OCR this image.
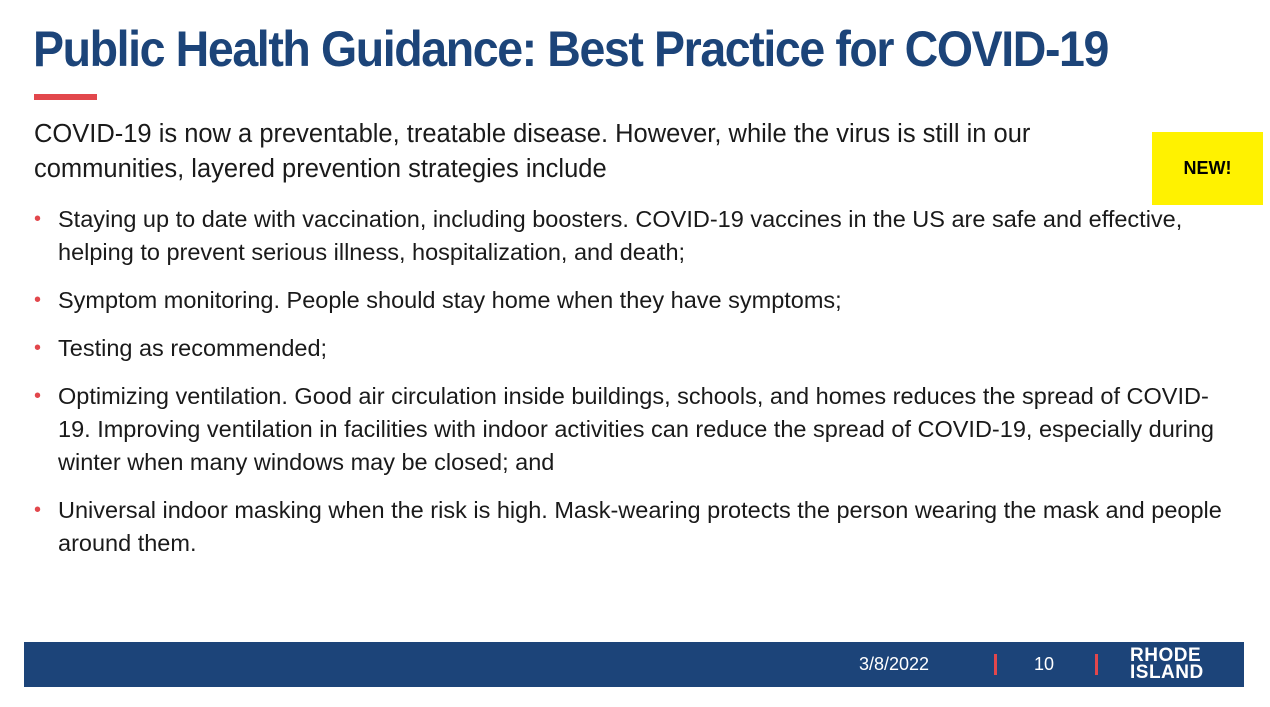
Public Health Guidance: Best Practice for COVID-19

COVID-19 is now a preventable, treatable disease. However, while the virus is still in our communities, layered prevention strategies include	NEW!
• Staying up to date with vaccination, including boosters. COVID-19 vaccines in the US are safe and effective, helping to prevent serious illness, hospitalization, and death;
• Symptom monitoring. People should stay home when they have symptoms;
• Testing as recommended;
• Optimizing ventilation. Good air circulation inside buildings, schools, and homes reduces the spread of COVID-19. Improving ventilation in facilities with indoor activities can reduce the spread of COVID-19, especially during winter when many windows may be closed; and
• Universal indoor masking when the risk is high. Mask-wearing protects the person wearing the mask and people around them.
3/8/2022	10	RHODE
ISLAND
